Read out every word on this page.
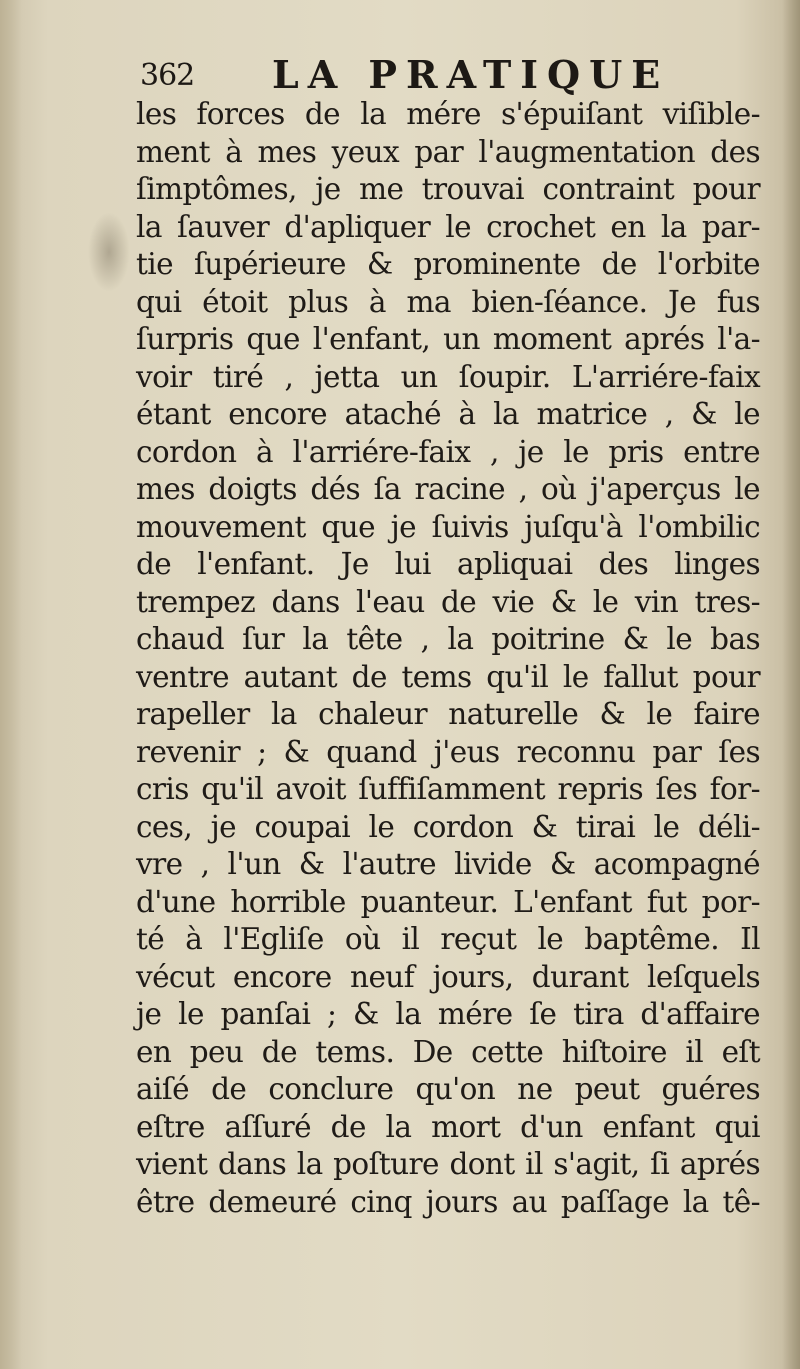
362 LA PRATIQUE
les forces de la mére s'épuiſant viſible-
ment à mes yeux par l'augmentation des
ſimptômes, je me trouvai contraint pour
la ſauver d'apliquer le crochet en la par-
tie ſupérieure & prominente de l'orbite
qui étoit plus à ma bien-ſéance. Je fus
ſurpris que l'enfant, un moment aprés l'a-
voir tiré , jetta un ſoupir. L'arriére-faix
étant encore ataché à la matrice , & le
cordon à l'arriére-faix , je le pris entre
mes doigts dés ſa racine , où j'aperçus le
mouvement que je ſuivis juſqu'à l'ombilic
de l'enfant. Je lui apliquai des linges
trempez dans l'eau de vie & le vin tres-
chaud ſur la tête , la poitrine & le bas
ventre autant de tems qu'il le fallut pour
rapeller la chaleur naturelle & le faire
revenir ; & quand j'eus reconnu par ſes
cris qu'il avoit ſuffiſamment repris ſes for-
ces, je coupai le cordon & tirai le déli-
vre , l'un & l'autre livide & acompagné
d'une horrible puanteur. L'enfant fut por-
té à l'Egliſe où il reçut le baptême. Il
vécut encore neuf jours, durant leſquels
je le panſai ; & la mére ſe tira d'affaire
en peu de tems. De cette hiſtoire il eſt
aiſé de conclure qu'on ne peut guéres
eſtre aſſuré de la mort d'un enfant qui
vient dans la poſture dont il s'agit, ſi aprés
être demeuré cinq jours au paſſage la tê-
